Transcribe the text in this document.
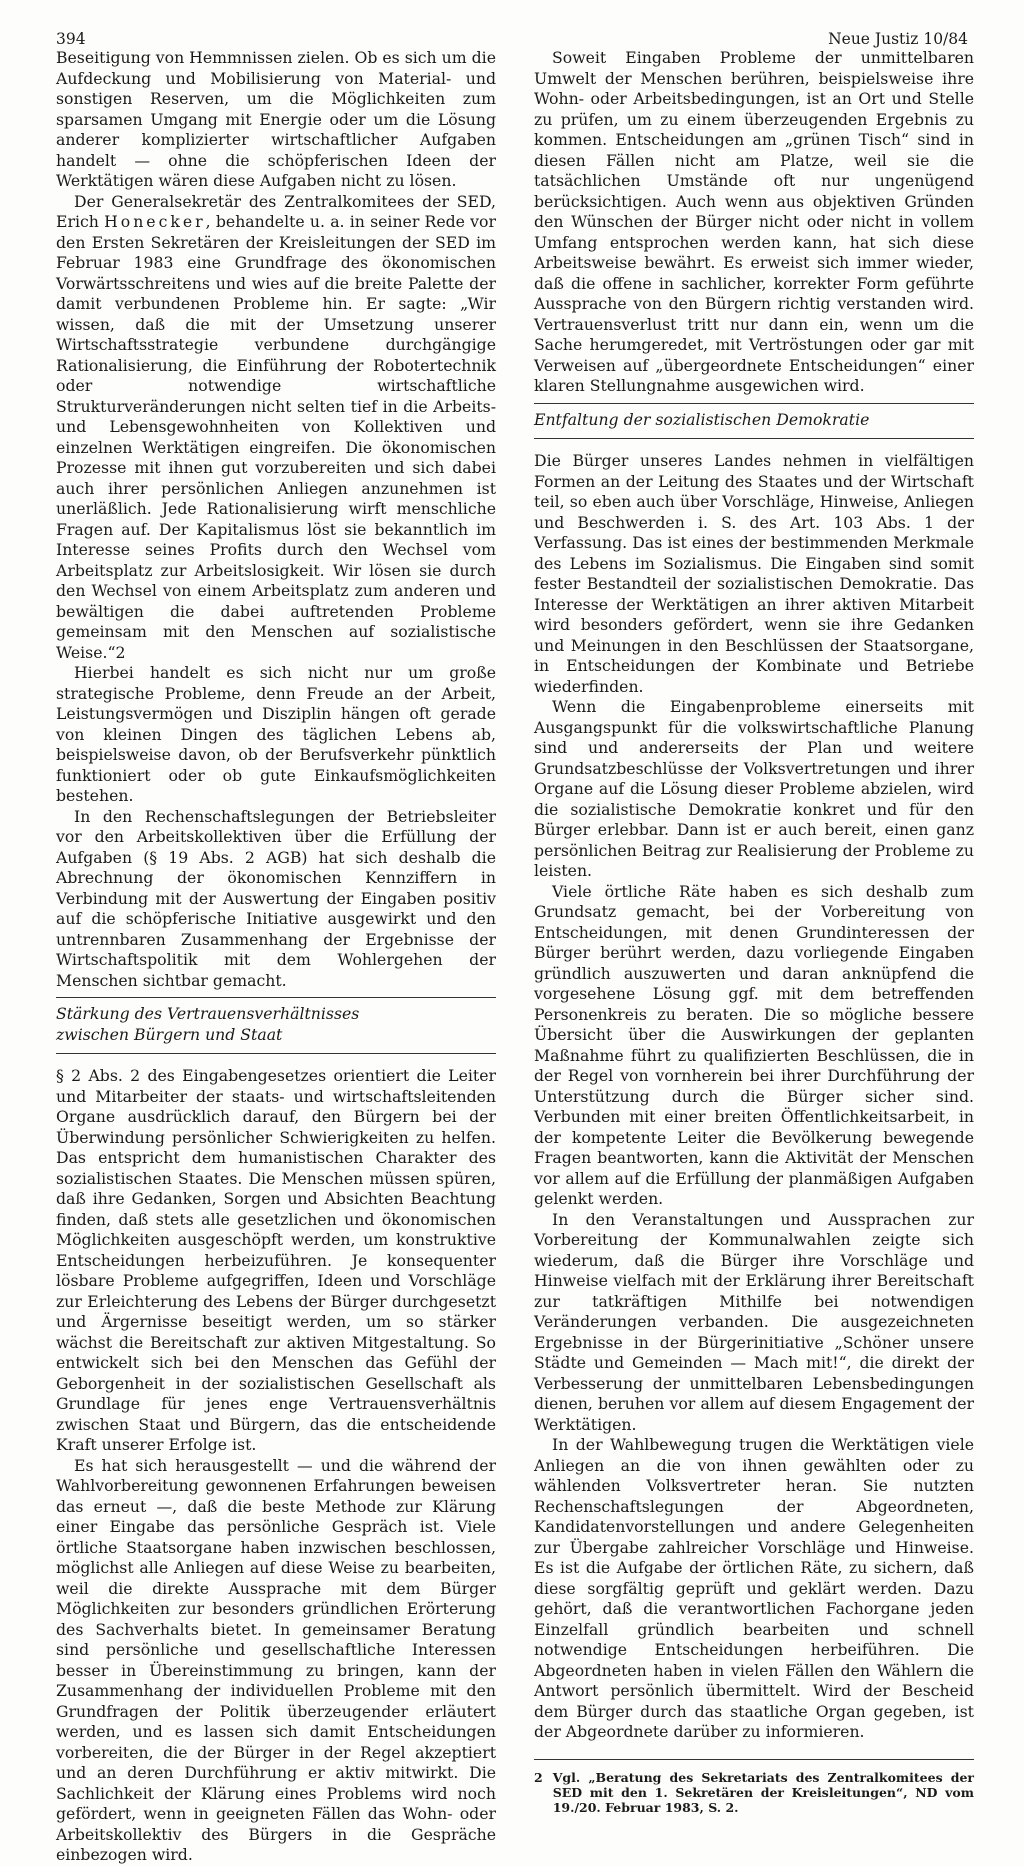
394	Neue Justiz 10/84

Beseitigung von Hemmnissen zielen. Ob es sich um die Aufdeckung und Mobilisierung von Material- und sonstigen Reserven, um die Möglichkeiten zum sparsamen Umgang mit Energie oder um die Lösung anderer komplizierter wirtschaftlicher Aufgaben handelt — ohne die schöpferischen Ideen der Werktätigen wären diese Aufgaben nicht zu lösen.

Der Generalsekretär des Zentralkomitees der SED, Erich Honecker, behandelte u. a. in seiner Rede vor den Ersten Sekretären der Kreisleitungen der SED im Februar 1983 eine Grundfrage des ökonomischen Vorwärtsschreitens und wies auf die breite Palette der damit verbundenen Probleme hin. Er sagte: „Wir wissen, daß die mit der Umsetzung unserer Wirtschaftsstrategie verbundene durchgängige Rationalisierung, die Einführung der Robotertechnik oder notwendige wirtschaftliche Strukturveränderungen nicht selten tief in die Arbeits- und Lebensgewohnheiten von Kollektiven und einzelnen Werktätigen eingreifen. Die ökonomischen Prozesse mit ihnen gut vorzubereiten und sich dabei auch ihrer persönlichen Anliegen anzunehmen ist unerläßlich. Jede Rationalisierung wirft menschliche Fragen auf. Der Kapitalismus löst sie bekanntlich im Interesse seines Profits durch den Wechsel vom Arbeitsplatz zur Arbeitslosigkeit. Wir lösen sie durch den Wechsel von einem Arbeitsplatz zum anderen und bewältigen die dabei auftretenden Probleme gemeinsam mit den Menschen auf sozialistische Weise.“2

Hierbei handelt es sich nicht nur um große strategische Probleme, denn Freude an der Arbeit, Leistungsvermögen und Disziplin hängen oft gerade von kleinen Dingen des täglichen Lebens ab, beispielsweise davon, ob der Berufsverkehr pünktlich funktioniert oder ob gute Einkaufsmöglichkeiten bestehen.

In den Rechenschaftslegungen der Betriebsleiter vor den Arbeitskollektiven über die Erfüllung der Aufgaben (§ 19 Abs. 2 AGB) hat sich deshalb die Abrechnung der ökonomischen Kennziffern in Verbindung mit der Auswertung der Eingaben positiv auf die schöpferische Initiative ausgewirkt und den untrennbaren Zusammenhang der Ergebnisse der Wirtschaftspolitik mit dem Wohlergehen der Menschen sichtbar gemacht.

Stärkung des Vertrauensverhältnisses
zwischen Bürgern und Staat

§ 2 Abs. 2 des Eingabengesetzes orientiert die Leiter und Mitarbeiter der staats- und wirtschaftsleitenden Organe ausdrücklich darauf, den Bürgern bei der Überwindung persönlicher Schwierigkeiten zu helfen. Das entspricht dem humanistischen Charakter des sozialistischen Staates. Die Menschen müssen spüren, daß ihre Gedanken, Sorgen und Absichten Beachtung finden, daß stets alle gesetzlichen und ökonomischen Möglichkeiten ausgeschöpft werden, um konstruktive Entscheidungen herbeizuführen. Je konsequenter lösbare Probleme aufgegriffen, Ideen und Vorschläge zur Erleichterung des Lebens der Bürger durchgesetzt und Ärgernisse beseitigt werden, um so stärker wächst die Bereitschaft zur aktiven Mitgestaltung. So entwickelt sich bei den Menschen das Gefühl der Geborgenheit in der sozialistischen Gesellschaft als Grundlage für jenes enge Vertrauensverhältnis zwischen Staat und Bürgern, das die entscheidende Kraft unserer Erfolge ist.

Es hat sich herausgestellt — und die während der Wahlvorbereitung gewonnenen Erfahrungen beweisen das erneut —, daß die beste Methode zur Klärung einer Eingabe das persönliche Gespräch ist. Viele örtliche Staatsorgane haben inzwischen beschlossen, möglichst alle Anliegen auf diese Weise zu bearbeiten, weil die direkte Aussprache mit dem Bürger Möglichkeiten zur besonders gründlichen Erörterung des Sachverhalts bietet. In gemeinsamer Beratung sind persönliche und gesellschaftliche Interessen besser in Übereinstimmung zu bringen, kann der Zusammenhang der individuellen Probleme mit den Grundfragen der Politik überzeugender erläutert werden, und es lassen sich damit Entscheidungen vorbereiten, die der Bürger in der Regel akzeptiert und an deren Durchführung er aktiv mitwirkt. Die Sachlichkeit der Klärung eines Problems wird noch gefördert, wenn in geeigneten Fällen das Wohn- oder Arbeitskollektiv des Bürgers in die Gespräche einbezogen wird.

Soweit Eingaben Probleme der unmittelbaren Umwelt der Menschen berühren, beispielsweise ihre Wohn- oder Arbeitsbedingungen, ist an Ort und Stelle zu prüfen, um zu einem überzeugenden Ergebnis zu kommen. Entscheidungen am „grünen Tisch“ sind in diesen Fällen nicht am Platze, weil sie die tatsächlichen Umstände oft nur ungenügend berücksichtigen. Auch wenn aus objektiven Gründen den Wünschen der Bürger nicht oder nicht in vollem Umfang entsprochen werden kann, hat sich diese Arbeitsweise bewährt. Es erweist sich immer wieder, daß die offene in sachlicher, korrekter Form geführte Aussprache von den Bürgern richtig verstanden wird. Vertrauensverlust tritt nur dann ein, wenn um die Sache herumgeredet, mit Vertröstungen oder gar mit Verweisen auf „übergeordnete Entscheidungen“ einer klaren Stellungnahme ausgewichen wird.

Entfaltung der sozialistischen Demokratie

Die Bürger unseres Landes nehmen in vielfältigen Formen an der Leitung des Staates und der Wirtschaft teil, so eben auch über Vorschläge, Hinweise, Anliegen und Beschwerden i. S. des Art. 103 Abs. 1 der Verfassung. Das ist eines der bestimmenden Merkmale des Lebens im Sozialismus. Die Eingaben sind somit fester Bestandteil der sozialistischen Demokratie. Das Interesse der Werktätigen an ihrer aktiven Mitarbeit wird besonders gefördert, wenn sie ihre Gedanken und Meinungen in den Beschlüssen der Staatsorgane, in Entscheidungen der Kombinate und Betriebe wiederfinden.

Wenn die Eingabenprobleme einerseits mit Ausgangspunkt für die volkswirtschaftliche Planung sind und andererseits der Plan und weitere Grundsatzbeschlüsse der Volksvertretungen und ihrer Organe auf die Lösung dieser Probleme abzielen, wird die sozialistische Demokratie konkret und für den Bürger erlebbar. Dann ist er auch bereit, einen ganz persönlichen Beitrag zur Realisierung der Probleme zu leisten.

Viele örtliche Räte haben es sich deshalb zum Grundsatz gemacht, bei der Vorbereitung von Entscheidungen, mit denen Grundinteressen der Bürger berührt werden, dazu vorliegende Eingaben gründlich auszuwerten und daran anknüpfend die vorgesehene Lösung ggf. mit dem betreffenden Personenkreis zu beraten. Die so mögliche bessere Übersicht über die Auswirkungen der geplanten Maßnahme führt zu qualifizierten Beschlüssen, die in der Regel von vornherein bei ihrer Durchführung der Unterstützung durch die Bürger sicher sind. Verbunden mit einer breiten Öffentlichkeitsarbeit, in der kompetente Leiter die Bevölkerung bewegende Fragen beantworten, kann die Aktivität der Menschen vor allem auf die Erfüllung der planmäßigen Aufgaben gelenkt werden.

In den Veranstaltungen und Aussprachen zur Vorbereitung der Kommunalwahlen zeigte sich wiederum, daß die Bürger ihre Vorschläge und Hinweise vielfach mit der Erklärung ihrer Bereitschaft zur tatkräftigen Mithilfe bei notwendigen Veränderungen verbanden. Die ausgezeichneten Ergebnisse in der Bürgerinitiative „Schöner unsere Städte und Gemeinden — Mach mit!“, die direkt der Verbesserung der unmittelbaren Lebensbedingungen dienen, beruhen vor allem auf diesem Engagement der Werktätigen.

In der Wahlbewegung trugen die Werktätigen viele Anliegen an die von ihnen gewählten oder zu wählenden Volksvertreter heran. Sie nutzten Rechenschaftslegungen der Abgeordneten, Kandidatenvorstellungen und andere Gelegenheiten zur Übergabe zahlreicher Vorschläge und Hinweise. Es ist die Aufgabe der örtlichen Räte, zu sichern, daß diese sorgfältig geprüft und geklärt werden. Dazu gehört, daß die verantwortlichen Fachorgane jeden Einzelfall gründlich bearbeiten und schnell notwendige Entscheidungen herbeiführen. Die Abgeordneten haben in vielen Fällen den Wählern die Antwort persönlich übermittelt. Wird der Bescheid dem Bürger durch das staatliche Organ gegeben, ist der Abgeordnete darüber zu informieren.

2 Vgl. „Beratung des Sekretariats des Zentralkomitees der SED mit den 1. Sekretären der Kreisleitungen“, ND vom 19./20. Februar 1983, S. 2.
